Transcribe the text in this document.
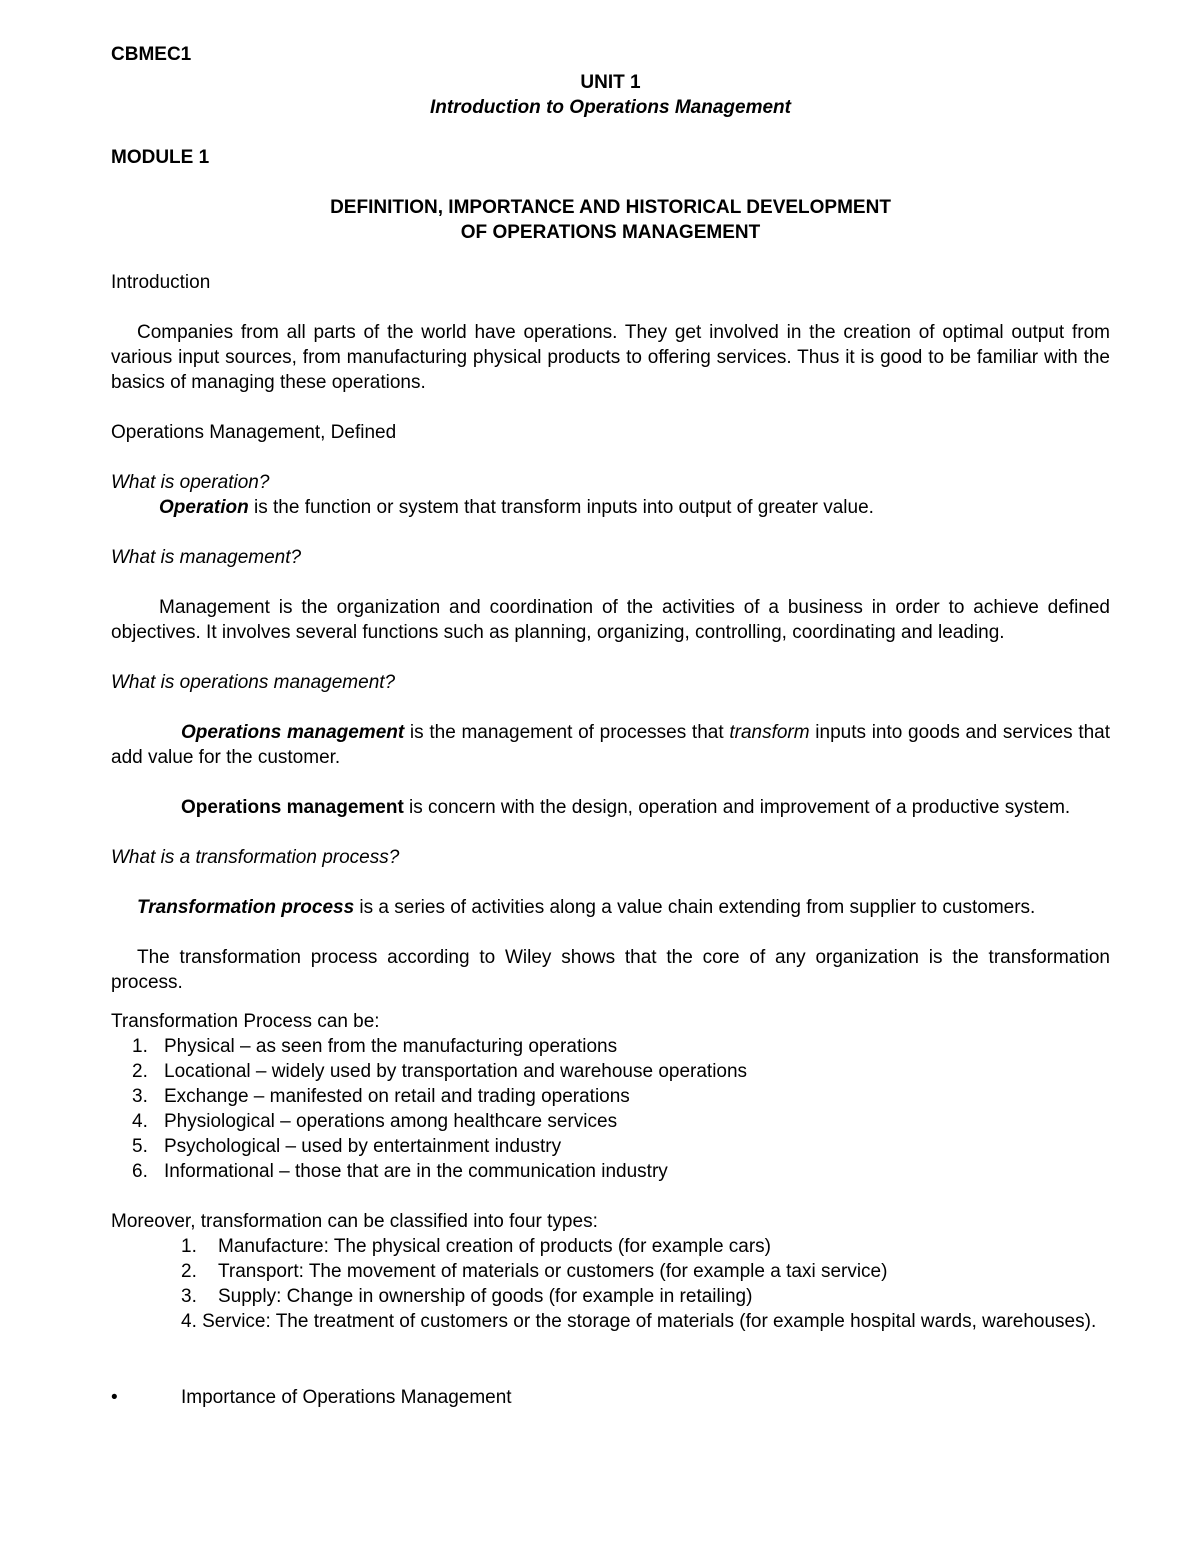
CBMEC1
UNIT 1
Introduction to Operations Management
MODULE 1
DEFINITION, IMPORTANCE AND HISTORICAL DEVELOPMENT
OF OPERATIONS MANAGEMENT
Introduction
Companies from all parts of the world have operations. They get involved in the creation of optimal output from various input sources, from manufacturing physical products to offering services. Thus it is good to be familiar with the basics of managing these operations.
Operations Management, Defined
What is operation?
Operation is the function or system that transform inputs into output of greater value.
What is management?
Management is the organization and coordination of the activities of a business in order to achieve defined objectives. It involves several functions such as planning, organizing, controlling, coordinating and leading.
What is operations management?
Operations management is the management of processes that transform inputs into goods and services that add value for the customer.
Operations management is concern with the design, operation and improvement of a productive system.
What is a transformation process?
Transformation process is a series of activities along a value chain extending from supplier to customers.
The transformation process according to Wiley shows that the core of any organization is the transformation process.
Transformation Process can be:
1. Physical – as seen from the manufacturing operations
2. Locational – widely used by transportation and warehouse operations
3. Exchange – manifested on retail and trading operations
4. Physiological – operations among healthcare services
5. Psychological – used by entertainment industry
6. Informational – those that are in the communication industry
Moreover, transformation can be classified into four types:
1. Manufacture: The physical creation of products (for example cars)
2. Transport: The movement of materials or customers (for example a taxi service)
3. Supply: Change in ownership of goods (for example in retailing)
4. Service: The treatment of customers or the storage of materials (for example hospital wards, warehouses).
•	Importance of Operations Management
